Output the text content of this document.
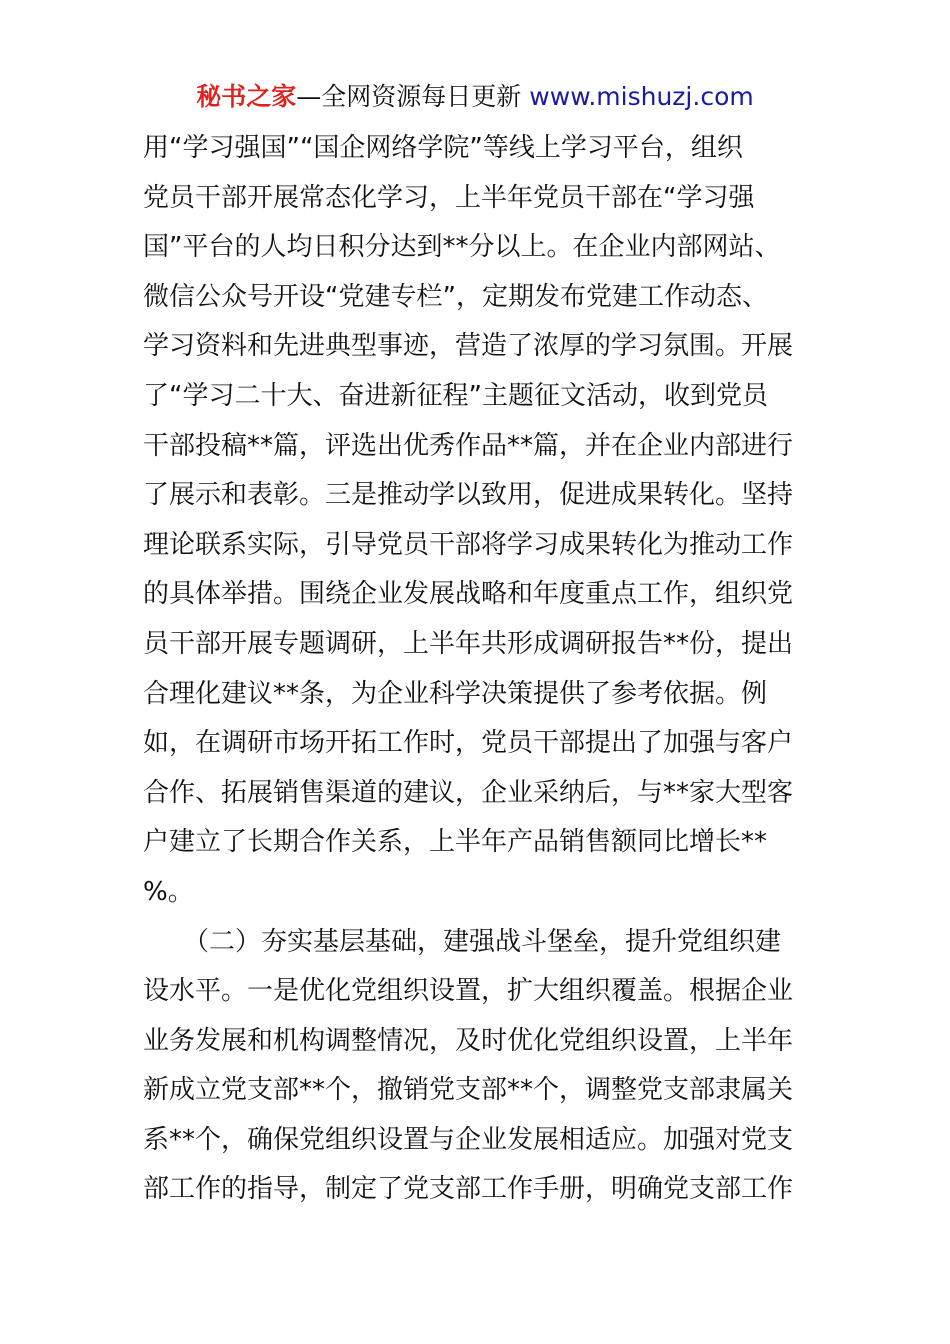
秘书之家—全网资源每日更新 www.mishuzj.com
用“学习强国”“国企网络学院”等线上学习平台，组织
党员干部开展常态化学习，上半年党员干部在“学习强
国”平台的人均日积分达到**分以上。在企业内部网站、
微信公众号开设“党建专栏”，定期发布党建工作动态、
学习资料和先进典型事迹，营造了浓厚的学习氛围。开展
了“学习二十大、奋进新征程”主题征文活动，收到党员
干部投稿**篇，评选出优秀作品**篇，并在企业内部进行
了展示和表彰。三是推动学以致用，促进成果转化。坚持
理论联系实际，引导党员干部将学习成果转化为推动工作
的具体举措。围绕企业发展战略和年度重点工作，组织党
员干部开展专题调研，上半年共形成调研报告**份，提出
合理化建议**条，为企业科学决策提供了参考依据。例
如，在调研市场开拓工作时，党员干部提出了加强与客户
合作、拓展销售渠道的建议，企业采纳后，与**家大型客
户建立了长期合作关系，上半年产品销售额同比增长**
%。
（二）夯实基层基础，建强战斗堡垒，提升党组织建
设水平。一是优化党组织设置，扩大组织覆盖。根据企业
业务发展和机构调整情况，及时优化党组织设置，上半年
新成立党支部**个，撤销党支部**个，调整党支部隶属关
系**个，确保党组织设置与企业发展相适应。加强对党支
部工作的指导，制定了党支部工作手册，明确党支部工作
